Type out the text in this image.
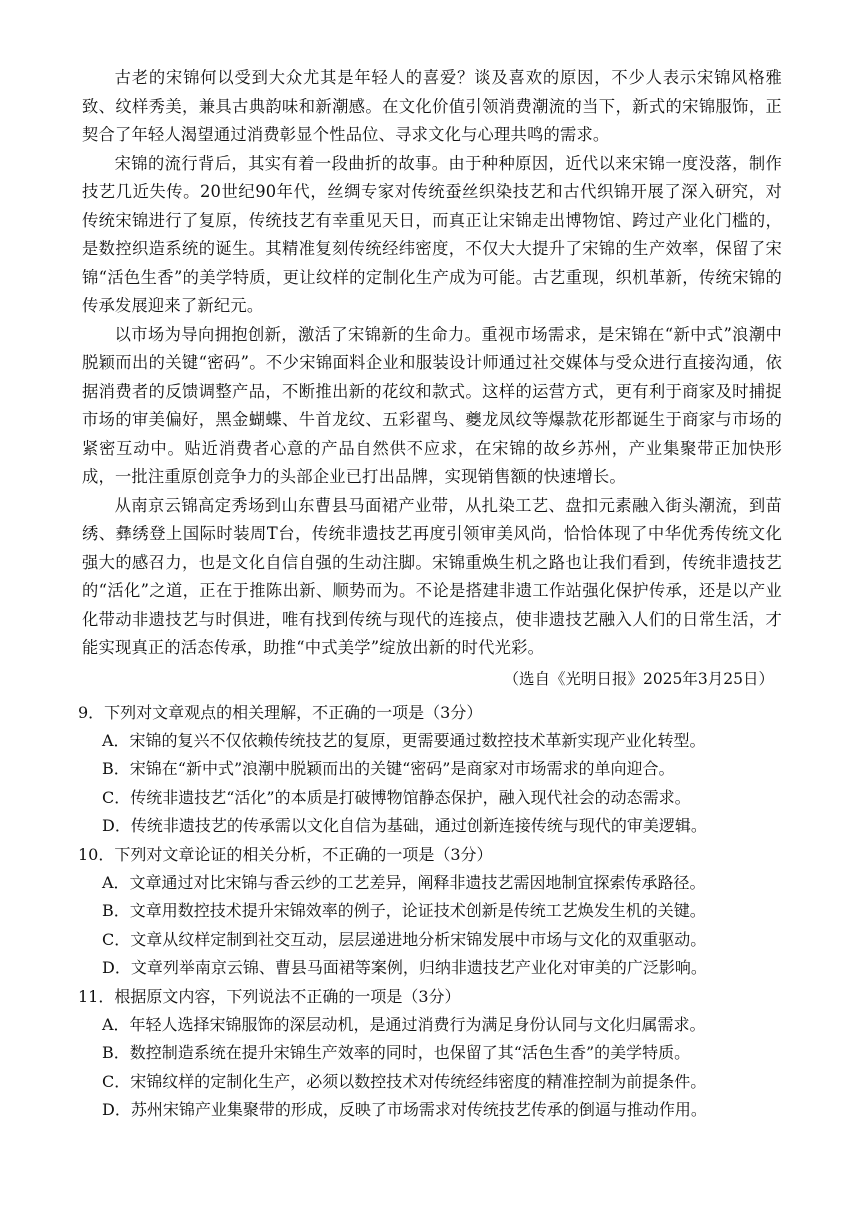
古老的宋锦何以受到大众尤其是年轻人的喜爱？谈及喜欢的原因，不少人表示宋锦风格雅致、纹样秀美，兼具古典韵味和新潮感。在文化价值引领消费潮流的当下，新式的宋锦服饰，正契合了年轻人渴望通过消费彰显个性品位、寻求文化与心理共鸣的需求。

宋锦的流行背后，其实有着一段曲折的故事。由于种种原因，近代以来宋锦一度没落，制作技艺几近失传。20世纪90年代，丝绸专家对传统蚕丝织染技艺和古代织锦开展了深入研究，对传统宋锦进行了复原，传统技艺有幸重见天日，而真正让宋锦走出博物馆、跨过产业化门槛的，是数控织造系统的诞生。其精准复刻传统经纬密度，不仅大大提升了宋锦的生产效率，保留了宋锦“活色生香”的美学特质，更让纹样的定制化生产成为可能。古艺重现，织机革新，传统宋锦的传承发展迎来了新纪元。

以市场为导向拥抱创新，激活了宋锦新的生命力。重视市场需求，是宋锦在“新中式”浪潮中脱颖而出的关键“密码”。不少宋锦面料企业和服装设计师通过社交媒体与受众进行直接沟通，依据消费者的反馈调整产品，不断推出新的花纹和款式。这样的运营方式，更有利于商家及时捕捉市场的审美偏好，黑金蝴蝶、牛首龙纹、五彩翟鸟、夔龙凤纹等爆款花形都诞生于商家与市场的紧密互动中。贴近消费者心意的产品自然供不应求，在宋锦的故乡苏州，产业集聚带正加快形成，一批注重原创竞争力的头部企业已打出品牌，实现销售额的快速增长。

从南京云锦高定秀场到山东曹县马面裙产业带，从扎染工艺、盘扣元素融入街头潮流，到苗绣、彝绣登上国际时装周T台，传统非遗技艺再度引领审美风尚，恰恰体现了中华优秀传统文化强大的感召力，也是文化自信自强的生动注脚。宋锦重焕生机之路也让我们看到，传统非遗技艺的“活化”之道，正在于推陈出新、顺势而为。不论是搭建非遗工作站强化保护传承，还是以产业化带动非遗技艺与时俱进，唯有找到传统与现代的连接点，使非遗技艺融入人们的日常生活，才能实现真正的活态传承，助推“中式美学”绽放出新的时代光彩。

（选自《光明日报》2025年3月25日）
9．下列对文章观点的相关理解，不正确的一项是（3分）
A．宋锦的复兴不仅依赖传统技艺的复原，更需要通过数控技术革新实现产业化转型。
B．宋锦在“新中式”浪潮中脱颖而出的关键“密码”是商家对市场需求的单向迎合。
C．传统非遗技艺“活化”的本质是打破博物馆静态保护，融入现代社会的动态需求。
D．传统非遗技艺的传承需以文化自信为基础，通过创新连接传统与现代的审美逻辑。
10．下列对文章论证的相关分析，不正确的一项是（3分）
A．文章通过对比宋锦与香云纱的工艺差异，阐释非遗技艺需因地制宜探索传承路径。
B．文章用数控技术提升宋锦效率的例子，论证技术创新是传统工艺焕发生机的关键。
C．文章从纹样定制到社交互动，层层递进地分析宋锦发展中市场与文化的双重驱动。
D．文章列举南京云锦、曹县马面裙等案例，归纳非遗技艺产业化对审美的广泛影响。
11．根据原文内容，下列说法不正确的一项是（3分）
A．年轻人选择宋锦服饰的深层动机，是通过消费行为满足身份认同与文化归属需求。
B．数控制造系统在提升宋锦生产效率的同时，也保留了其“活色生香”的美学特质。
C．宋锦纹样的定制化生产，必须以数控技术对传统经纬密度的精准控制为前提条件。
D．苏州宋锦产业集聚带的形成，反映了市场需求对传统技艺传承的倒逼与推动作用。
